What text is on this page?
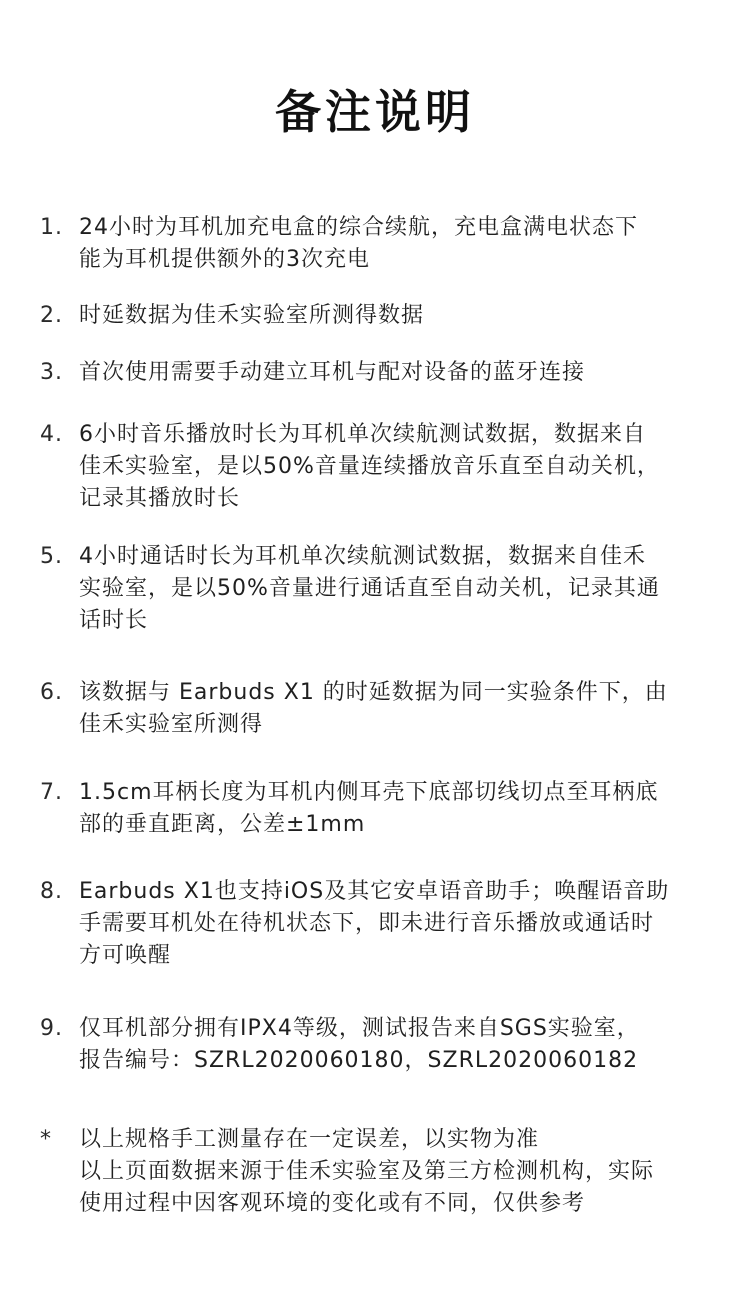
备注说明
1. 24小时为耳机加充电盒的综合续航，充电盒满电状态下
能为耳机提供额外的3次充电
2. 时延数据为佳禾实验室所测得数据
3. 首次使用需要手动建立耳机与配对设备的蓝牙连接
4. 6小时音乐播放时长为耳机单次续航测试数据，数据来自
佳禾实验室，是以50%音量连续播放音乐直至自动关机，
记录其播放时长
5. 4小时通话时长为耳机单次续航测试数据，数据来自佳禾
实验室，是以50%音量进行通话直至自动关机，记录其通
话时长
6. 该数据与 Earbuds X1 的时延数据为同一实验条件下，由
佳禾实验室所测得
7. 1.5cm耳柄长度为耳机内侧耳壳下底部切线切点至耳柄底
部的垂直距离，公差±1mm
8. Earbuds X1也支持iOS及其它安卓语音助手；唤醒语音助
手需要耳机处在待机状态下，即未进行音乐播放或通话时
方可唤醒
9. 仅耳机部分拥有IPX4等级，测试报告来自SGS实验室，
报告编号：SZRL2020060180，SZRL2020060182
*	以上规格手工测量存在一定误差，以实物为准
以上页面数据来源于佳禾实验室及第三方检测机构，实际
使用过程中因客观环境的变化或有不同，仅供参考
